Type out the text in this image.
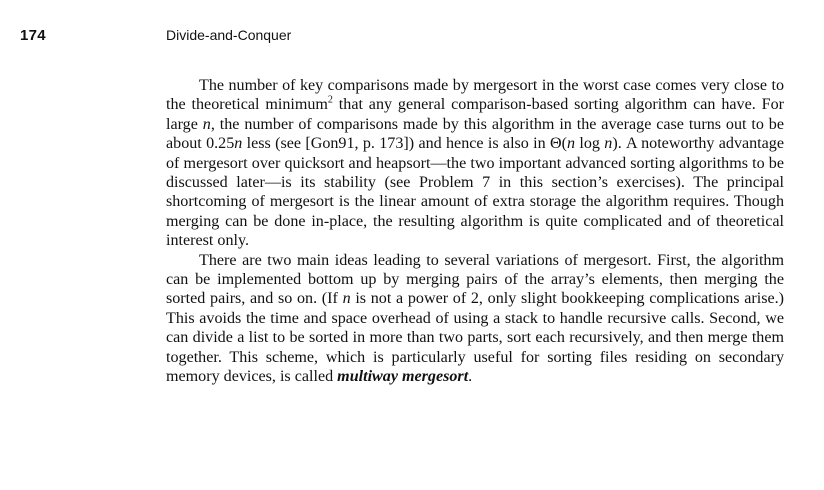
174	Divide-and-Conquer

The number of key comparisons made by mergesort in the worst case comes very close to the theoretical minimum$^2$ that any general comparison-based sorting algorithm can have. For large n, the number of comparisons made by this algorithm in the average case turns out to be about 0.25n less (see [Gon91, p. 173]) and hence is also in Θ(n log n). A noteworthy advantage of mergesort over quicksort and heapsort—the two important advanced sorting algorithms to be discussed later—is its stability (see Problem 7 in this section’s exercises). The principal shortcoming of mergesort is the linear amount of extra storage the algorithm requires. Though merging can be done in-place, the resulting algorithm is quite complicated and of theoretical interest only.

There are two main ideas leading to several variations of mergesort. First, the algorithm can be implemented bottom up by merging pairs of the array’s elements, then merging the sorted pairs, and so on. (If n is not a power of 2, only slight bookkeeping complications arise.) This avoids the time and space overhead of using a stack to handle recursive calls. Second, we can divide a list to be sorted in more than two parts, sort each recursively, and then merge them together. This scheme, which is particularly useful for sorting files residing on secondary memory devices, is called multiway mergesort.
